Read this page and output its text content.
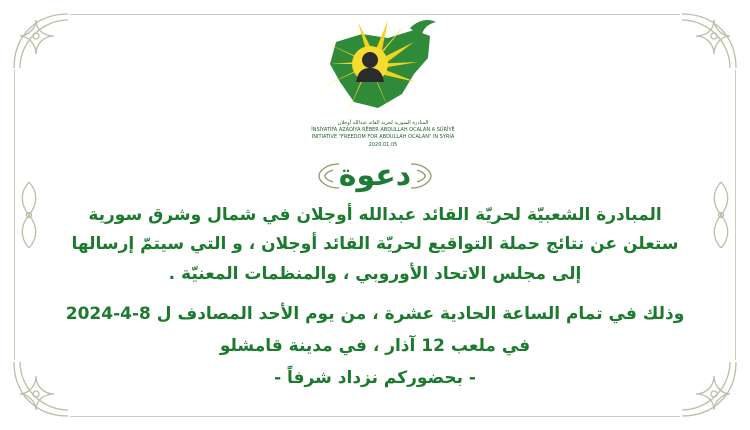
المبادرة السورية لحرية القائد عبدالله أوجلان
İNSİYATİFA AZADİYA RÊBER ABDULLAH OCALAN A SÛRİYÊ
INITIATIVE "FREEDOM FOR ABDULLAH OCALAN" IN SYRIA
2020.01.05
دعوة
المبادرة الشعبيّة لحريّة القائد عبدالله أوجلان في شمال وشرق سورية
ستعلن عن نتائج حملة التواقيع لحريّة القائد أوجلان ، و التي سيتمّ إرسالها
إلى مجلس الاتحاد الأوروبي ، والمنظمات المعنيّة .
وذلك في تمام الساعة الحادية عشرة ، من يوم الأحد المصادف ل 8-4-2024
في ملعب 12 آذار ، في مدينة قامشلو
- بحضوركم نزداد شرفاً -
